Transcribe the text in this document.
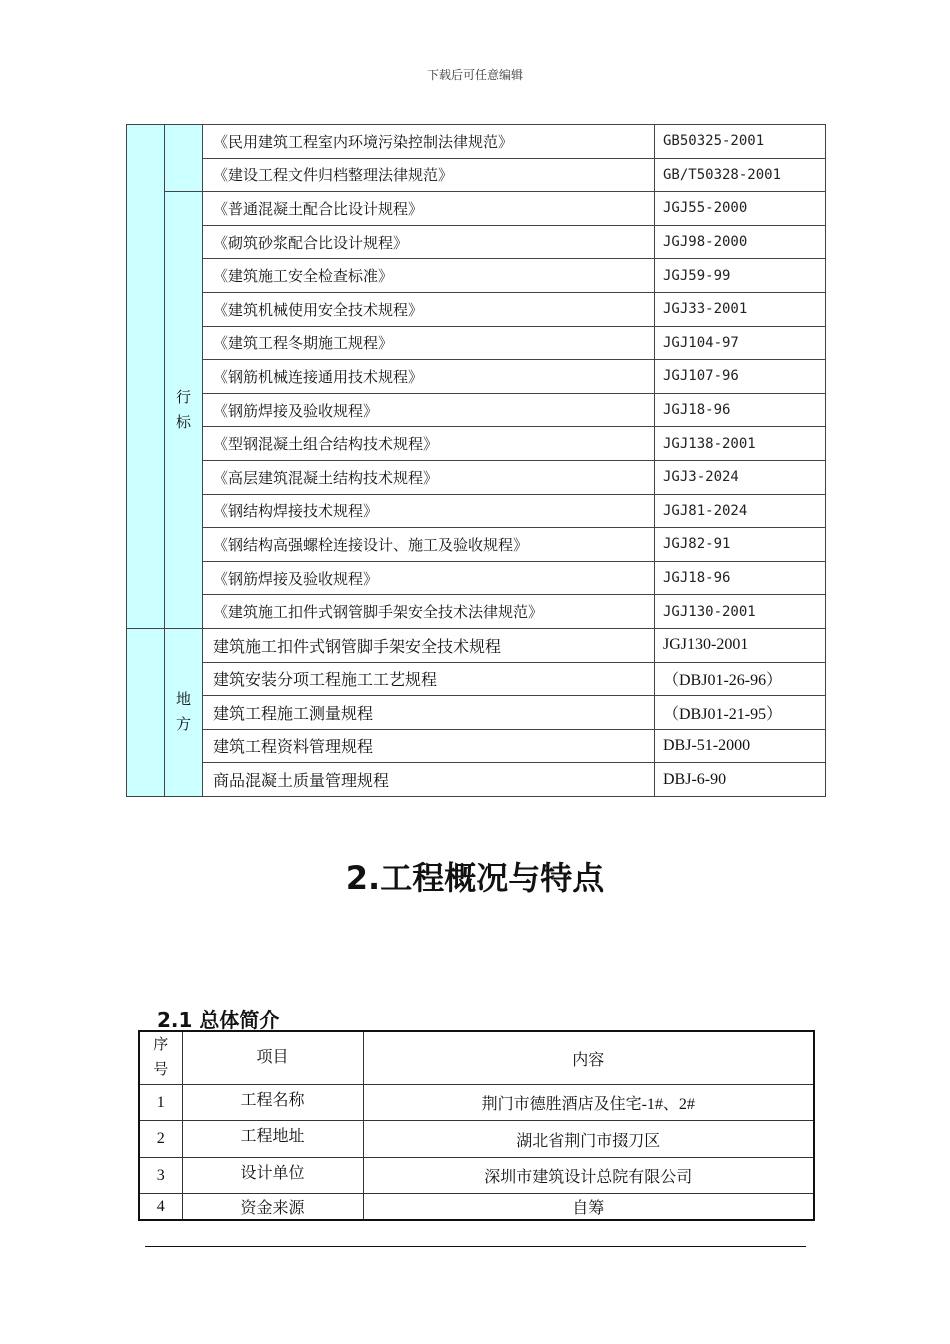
下载后可任意编辑
		《民用建筑工程室内环境污染控制法律规范》	GB50325-2001
		《建设工程文件归档整理法律规范》	GB/T50328-2001
	行标	《普通混凝土配合比设计规程》	JGJ55-2000
		《砌筑砂浆配合比设计规程》	JGJ98-2000
		《建筑施工安全检查标准》	JGJ59-99
		《建筑机械使用安全技术规程》	JGJ33-2001
		《建筑工程冬期施工规程》	JGJ104-97
		《钢筋机械连接通用技术规程》	JGJ107-96
		《钢筋焊接及验收规程》	JGJ18-96
		《型钢混凝土组合结构技术规程》	JGJ138-2001
		《高层建筑混凝土结构技术规程》	JGJ3-2024
		《钢结构焊接技术规程》	JGJ81-2024
		《钢结构高强螺栓连接设计、施工及验收规程》	JGJ82-91
		《钢筋焊接及验收规程》	JGJ18-96
		《建筑施工扣件式钢管脚手架安全技术法律规范》	JGJ130-2001
	地方	建筑施工扣件式钢管脚手架安全技术规程	JGJ130-2001
		建筑安装分项工程施工工艺规程	（DBJ01-26-96）
		建筑工程施工测量规程	（DBJ01-21-95）
		建筑工程资料管理规程	DBJ-51-2000
		商品混凝土质量管理规程	DBJ-6-90
2.工程概况与特点
2.1 总体简介
序号	项目	内容
1	工程名称	荆门市德胜酒店及住宅-1#、2#
2	工程地址	湖北省荆门市掇刀区
3	设计单位	深圳市建筑设计总院有限公司
4	资金来源	自筹
